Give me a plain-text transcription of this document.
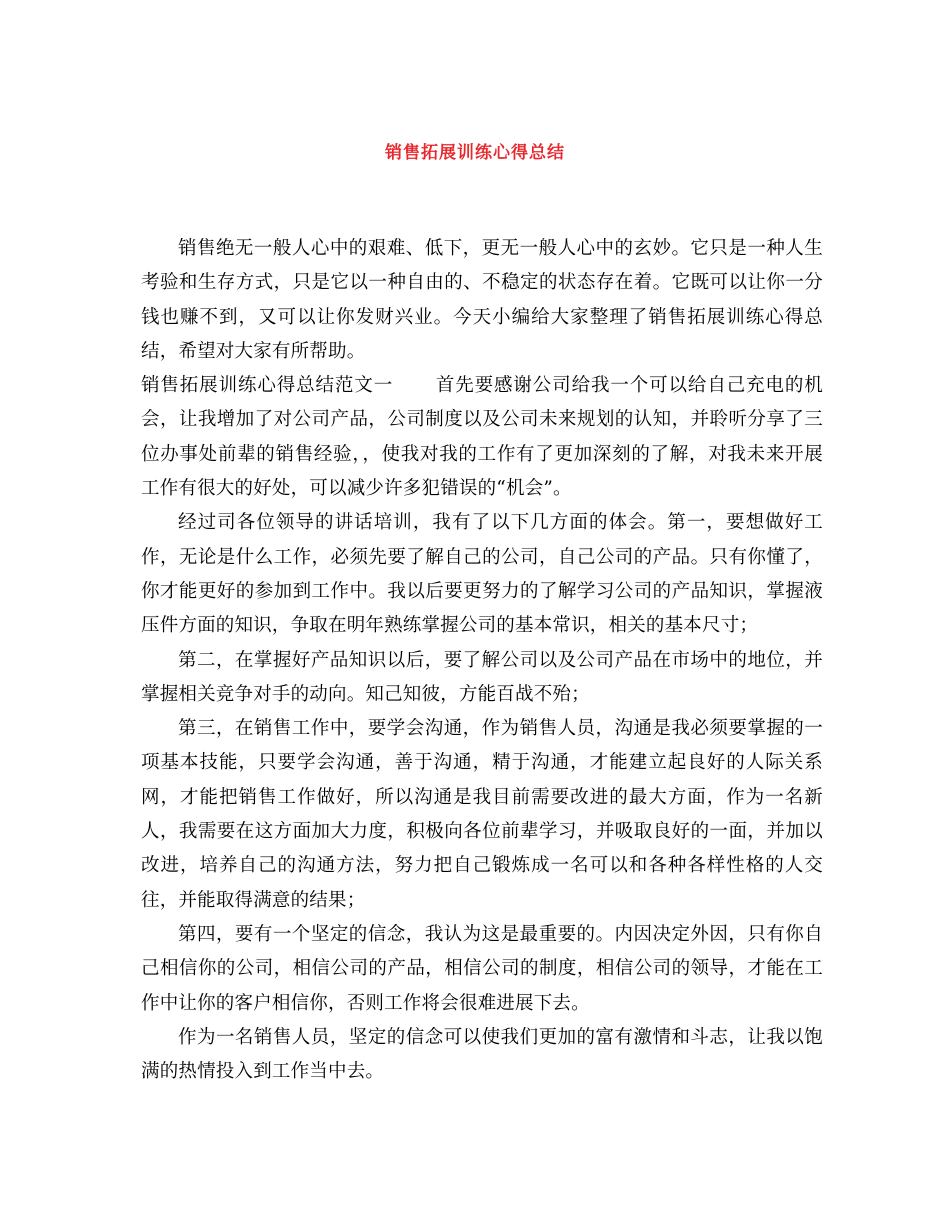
销售拓展训练心得总结

销售绝无一般人心中的艰难、低下，更无一般人心中的玄妙。它只是一种人生考验和生存方式，只是它以一种自由的、不稳定的状态存在着。它既可以让你一分钱也赚不到，又可以让你发财兴业。今天小编给大家整理了销售拓展训练心得总结，希望对大家有所帮助。

销售拓展训练心得总结范文一 首先要感谢公司给我一个可以给自己充电的机会，让我增加了对公司产品，公司制度以及公司未来规划的认知，并聆听分享了三位办事处前辈的销售经验，，使我对我的工作有了更加深刻的了解，对我未来开展工作有很大的好处，可以减少许多犯错误的“机会”。

经过司各位领导的讲话培训，我有了以下几方面的体会。第一，要想做好工作，无论是什么工作，必须先要了解自己的公司，自己公司的产品。只有你懂了，你才能更好的参加到工作中。我以后要更努力的了解学习公司的产品知识，掌握液压件方面的知识，争取在明年熟练掌握公司的基本常识，相关的基本尺寸；

第二，在掌握好产品知识以后，要了解公司以及公司产品在市场中的地位，并掌握相关竞争对手的动向。知己知彼，方能百战不殆；

第三，在销售工作中，要学会沟通，作为销售人员，沟通是我必须要掌握的一项基本技能，只要学会沟通，善于沟通，精于沟通，才能建立起良好的人际关系网，才能把销售工作做好，所以沟通是我目前需要改进的最大方面，作为一名新人，我需要在这方面加大力度，积极向各位前辈学习，并吸取良好的一面，并加以改进，培养自己的沟通方法，努力把自己锻炼成一名可以和各种各样性格的人交往，并能取得满意的结果；

第四，要有一个坚定的信念，我认为这是最重要的。内因决定外因，只有你自己相信你的公司，相信公司的产品，相信公司的制度，相信公司的领导，才能在工作中让你的客户相信你，否则工作将会很难进展下去。

作为一名销售人员，坚定的信念可以使我们更加的富有激情和斗志，让我以饱满的热情投入到工作当中去。
